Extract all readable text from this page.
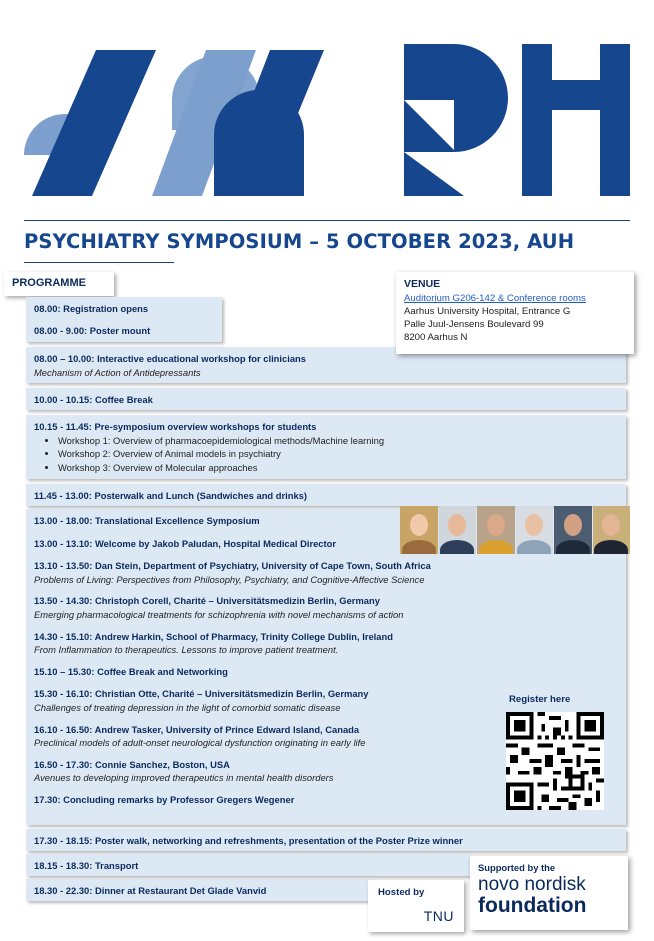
PSYCHIATRY SYMPOSIUM – 5 OCTOBER 2023, AUH
PROGRAMME	VENUE
Auditorium G206-142 & Conference rooms
Aarhus University Hospital, Entrance G
Palle Juul-Jensens Boulevard 99
8200 Aarhus N
08.00: Registration opens
08.00 - 9.00: Poster mount
08.00 – 10.00: Interactive educational workshop for clinicians
Mechanism of Action of Antidepressants
10.00 - 10.15: Coffee Break
10.15 - 11.45: Pre-symposium overview workshops for students
• Workshop 1: Overview of pharmacoepidemiological methods/Machine learning
• Workshop 2: Overview of Animal models in psychiatry
• Workshop 3: Overview of Molecular approaches
11.45 - 13.00: Posterwalk and Lunch (Sandwiches and drinks)
13.00 - 18.00: Translational Excellence Symposium
13.00 - 13.10: Welcome by Jakob Paludan, Hospital Medical Director
13.10 - 13.50: Dan Stein, Department of Psychiatry, University of Cape Town, South Africa
Problems of Living: Perspectives from Philosophy, Psychiatry, and Cognitive-Affective Science
13.50 - 14.30: Christoph Corell, Charité – Universitätsmedizin Berlin, Germany
Emerging pharmacological treatments for schizophrenia with novel mechanisms of action
14.30 - 15.10: Andrew Harkin, School of Pharmacy, Trinity College Dublin, Ireland
From Inflammation to therapeutics. Lessons to improve patient treatment.
15.10 – 15.30: Coffee Break and Networking
15.30 - 16.10: Christian Otte, Charité – Universitätsmedizin Berlin, Germany
Challenges of treating depression in the light of comorbid somatic disease
16.10 - 16.50: Andrew Tasker, University of Prince Edward Island, Canada
Preclinical models of adult-onset neurological dysfunction originating in early life
16.50 - 17.30: Connie Sanchez, Boston, USA
Avenues to developing improved therapeutics in mental health disorders
17.30: Concluding remarks by Professor Gregers Wegener
Register here
17.30 - 18.15: Poster walk, networking and refreshments, presentation of the Poster Prize winner
18.15 - 18.30: Transport
18.30 - 22.30: Dinner at Restaurant Det Glade Vanvid	Hosted by
TNU
Supported by the
novo nordisk
foundation
